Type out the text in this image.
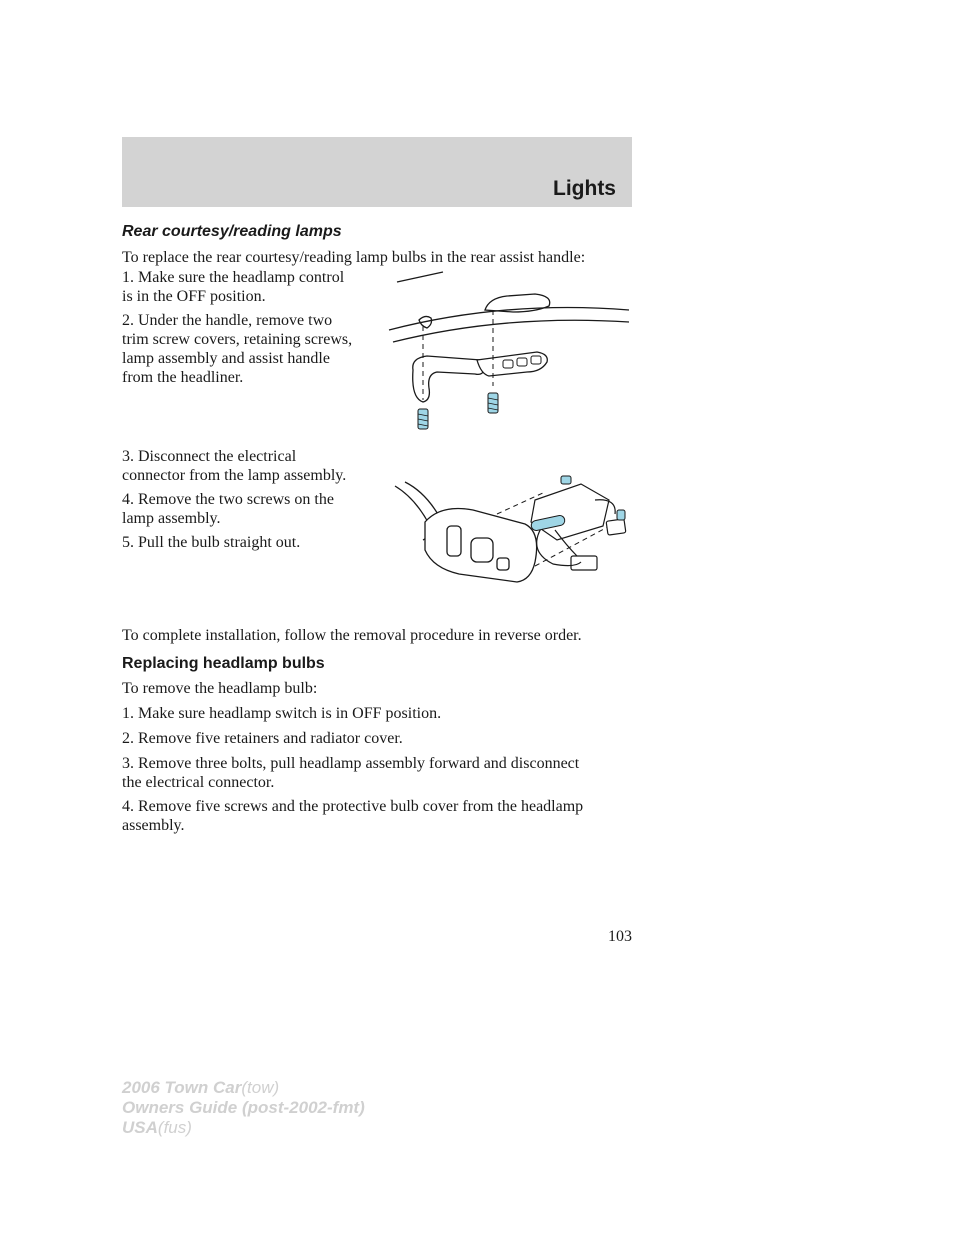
Lights

Rear courtesy/reading lamps

To replace the rear courtesy/reading lamp bulbs in the rear assist handle:

1. Make sure the headlamp control

is in the OFF position.

2. Under the handle, remove two

trim screw covers, retaining screws,

lamp assembly and assist handle

from the headliner.

3. Disconnect the electrical

connector from the lamp assembly.

4. Remove the two screws on the

lamp assembly.

5. Pull the bulb straight out.

To complete installation, follow the removal procedure in reverse order.

Replacing headlamp bulbs

To remove the headlamp bulb:

1. Make sure headlamp switch is in OFF position.

2. Remove five retainers and radiator cover.

3. Remove three bolts, pull headlamp assembly forward and disconnect

the electrical connector.

4. Remove five screws and the protective bulb cover from the headlamp

assembly.

103

2006 Town Car(tow)
Owners Guide (post-2002-fmt)
USA(fus)
